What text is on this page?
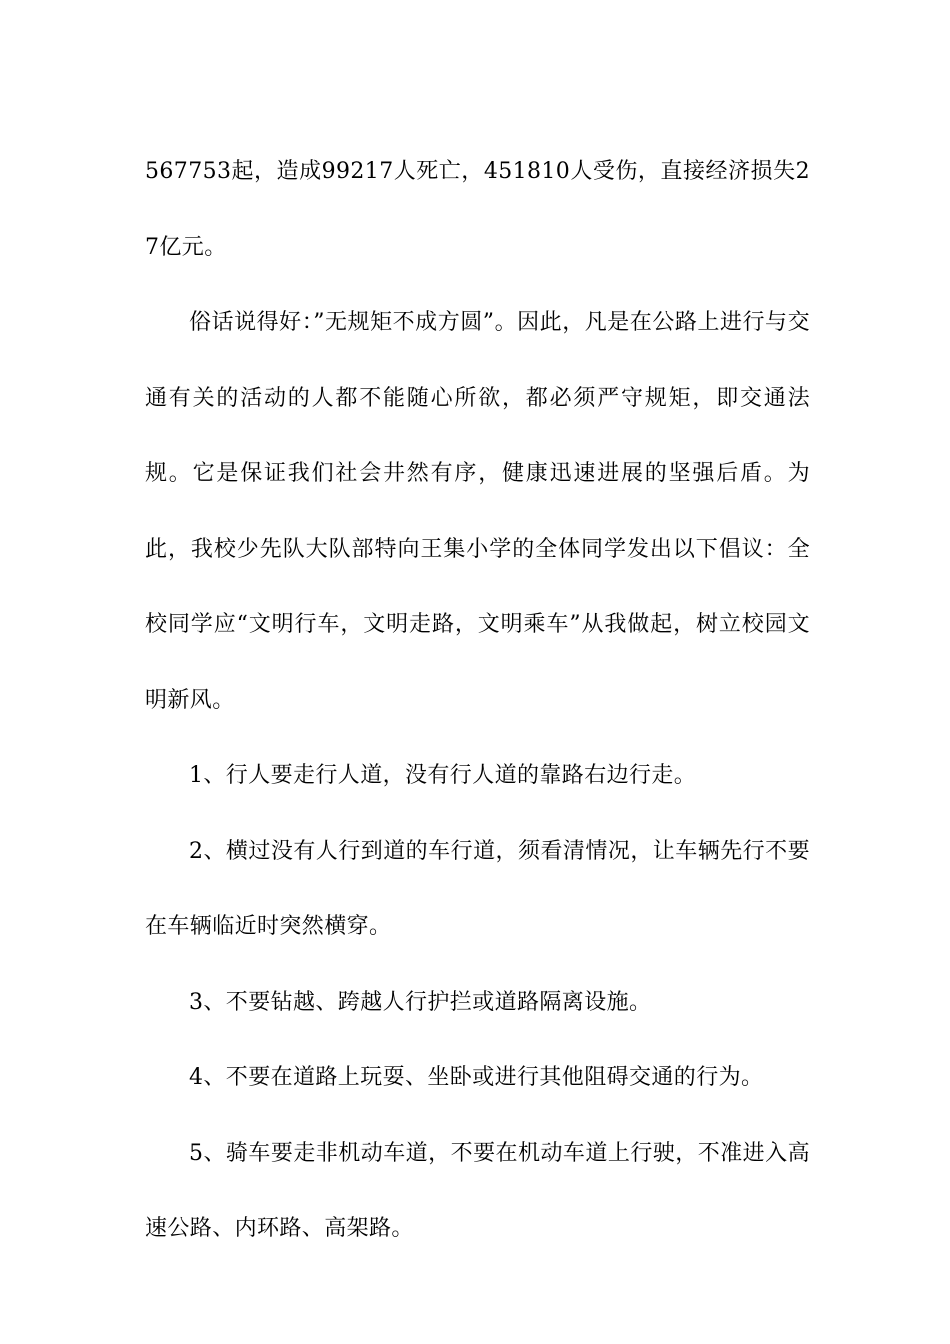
567753起，造成99217人死亡，451810人受伤，直接经济损失27亿元。

俗话说得好：”无规矩不成方圆”。因此，凡是在公路上进行与交通有关的活动的人都不能随心所欲，都必须严守规矩，即交通法规。它是保证我们社会井然有序，健康迅速进展的坚强后盾。为此，我校少先队大队部特向王集小学的全体同学发出以下倡议：全校同学应“文明行车，文明走路，文明乘车”从我做起，树立校园文明新风。

1、行人要走行人道，没有行人道的靠路右边行走。

2、横过没有人行到道的车行道，须看清情况，让车辆先行不要在车辆临近时突然横穿。

3、不要钻越、跨越人行护拦或道路隔离设施。

4、不要在道路上玩耍、坐卧或进行其他阻碍交通的行为。

5、骑车要走非机动车道，不要在机动车道上行驶，不准进入高速公路、内环路、高架路。
